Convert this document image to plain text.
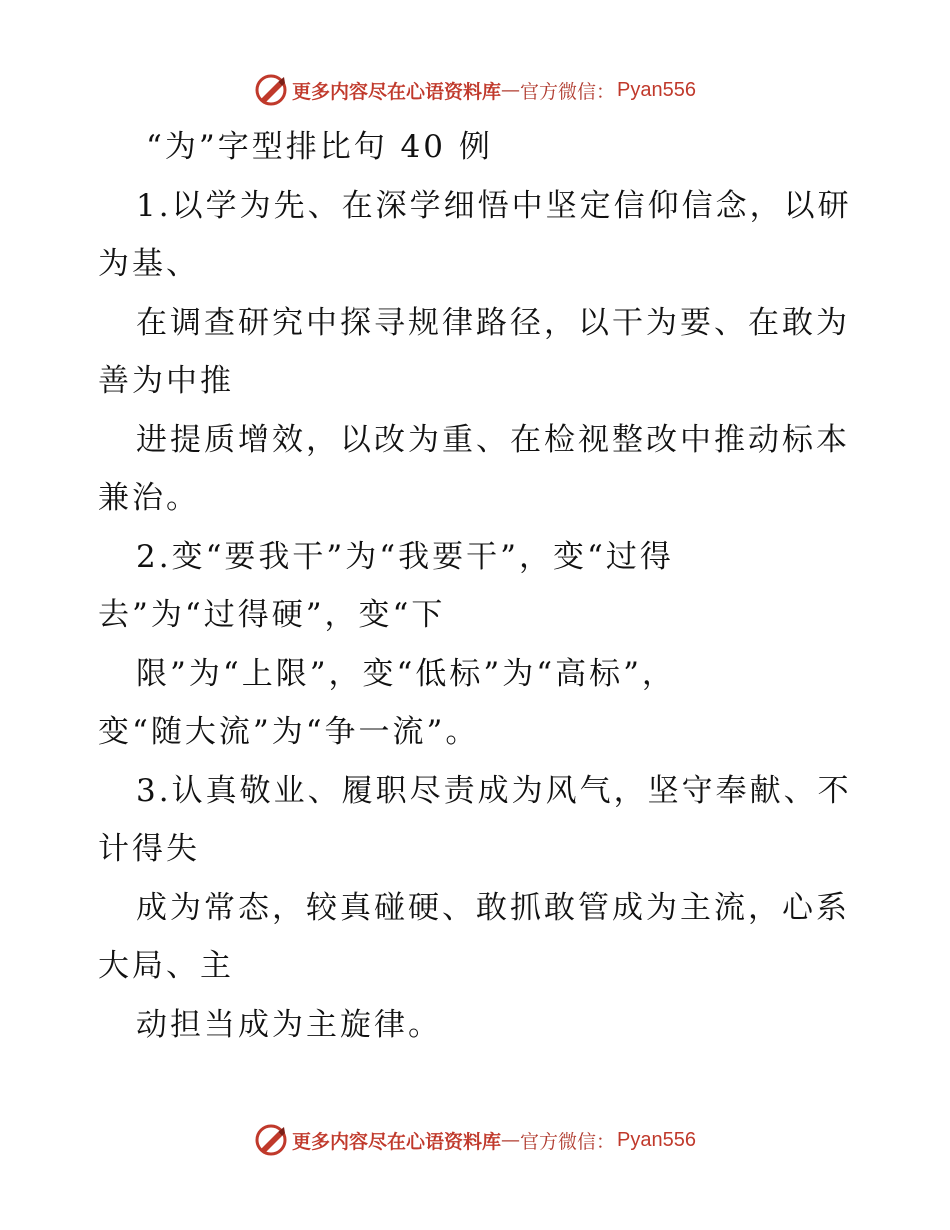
更多内容尽在心语资料库 — 官方微信： Pyan556
“为”字型排比句 40 例
1.以学为先、在深学细悟中坚定信仰信念，以研
为基、
在调查研究中探寻规律路径，以干为要、在敢为
善为中推
进提质增效，以改为重、在检视整改中推动标本
兼治。
2.变“要我干”为“我要干”，变“过得
去”为“过得硬”，变“下
限”为“上限”，变“低标”为“高标”，
变“随大流”为“争一流”。
3.认真敬业、履职尽责成为风气，坚守奉献、不
计得失
成为常态，较真碰硬、敢抓敢管成为主流，心系
大局、主
动担当成为主旋律。
更多内容尽在心语资料库 — 官方微信： Pyan556
